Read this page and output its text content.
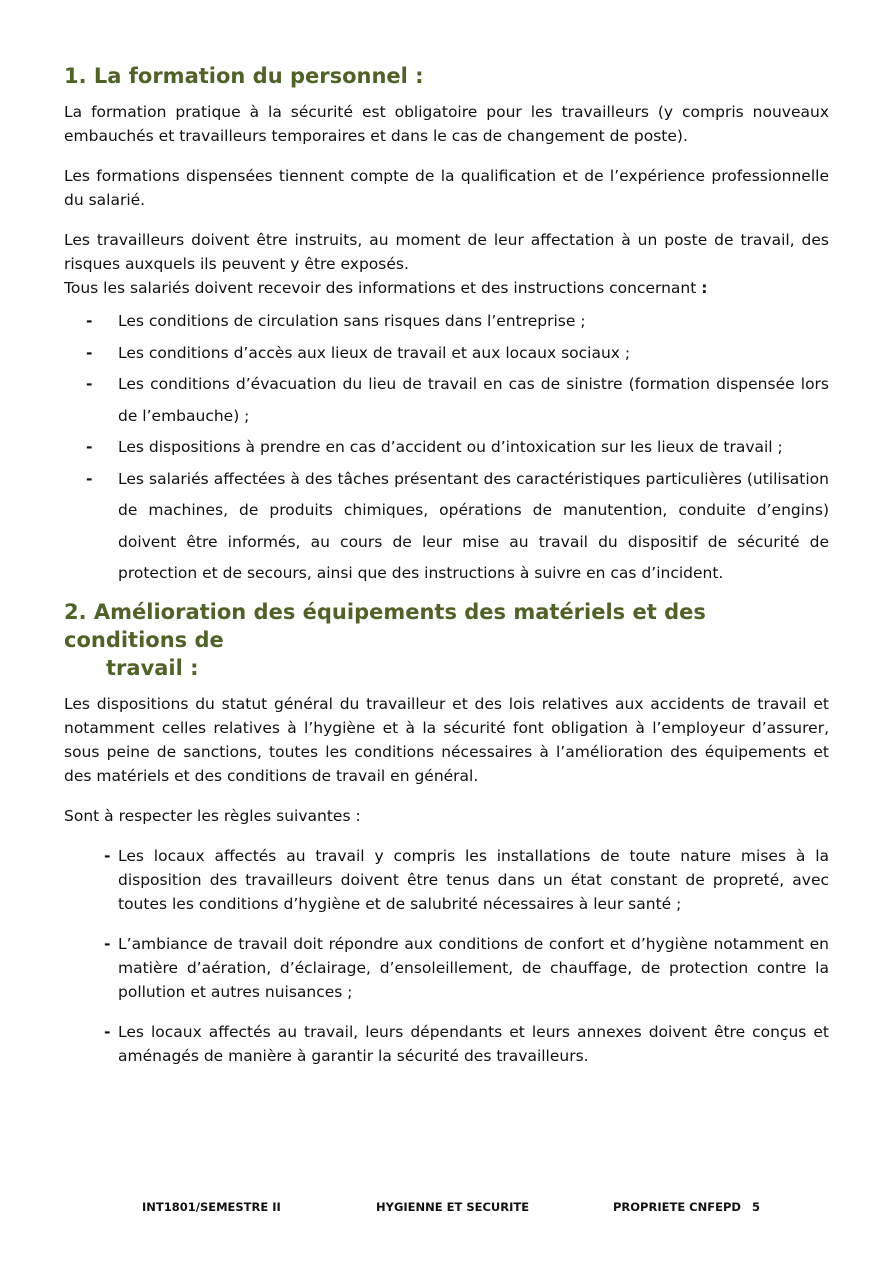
1. La formation du personnel :

La formation pratique à la sécurité est obligatoire pour les travailleurs (y compris nouveaux embauchés et travailleurs temporaires et dans le cas de changement de poste).

Les formations dispensées tiennent compte de la qualification et de l’expérience professionnelle du salarié.

Les travailleurs doivent être instruits, au moment de leur affectation à un poste de travail, des risques auxquels ils peuvent y être exposés.
Tous les salariés doivent recevoir des informations et des instructions concernant :

- Les conditions de circulation sans risques dans l’entreprise ;
- Les conditions d’accès aux lieux de travail et aux locaux sociaux ;
- Les conditions d’évacuation du lieu de travail en cas de sinistre (formation dispensée lors de l’embauche) ;
- Les dispositions à prendre en cas d’accident ou d’intoxication sur les lieux de travail ;
- Les salariés affectées à des tâches présentant des caractéristiques particulières (utilisation de machines, de produits chimiques, opérations de manutention, conduite d’engins) doivent être informés, au cours de leur mise au travail du dispositif de sécurité de protection et de secours, ainsi que des instructions à suivre en cas d’incident.
2. Amélioration des équipements des matériels et des conditions de
travail :

Les dispositions du statut général du travailleur et des lois relatives aux accidents de travail et notamment celles relatives à l’hygiène et à la sécurité font obligation à l’employeur d’assurer, sous peine de sanctions, toutes les conditions nécessaires à l’amélioration des équipements et des matériels et des conditions de travail en général.

Sont à respecter les règles suivantes :

- Les locaux affectés au travail y compris les installations de toute nature mises à la disposition des travailleurs doivent être tenus dans un état constant de propreté, avec toutes les conditions d’hygiène et de salubrité nécessaires à leur santé ;
- L’ambiance de travail doit répondre aux conditions de confort et d’hygiène notamment en matière d’aération, d’éclairage, d’ensoleillement, de chauffage, de protection contre la pollution et autres nuisances ;
- Les locaux affectés au travail, leurs dépendants et leurs annexes doivent être conçus et aménagés de manière à garantir la sécurité des travailleurs.
INT1801/SEMESTRE II	HYGIENNE ET SECURITE	PROPRIETE CNFEPD 5
